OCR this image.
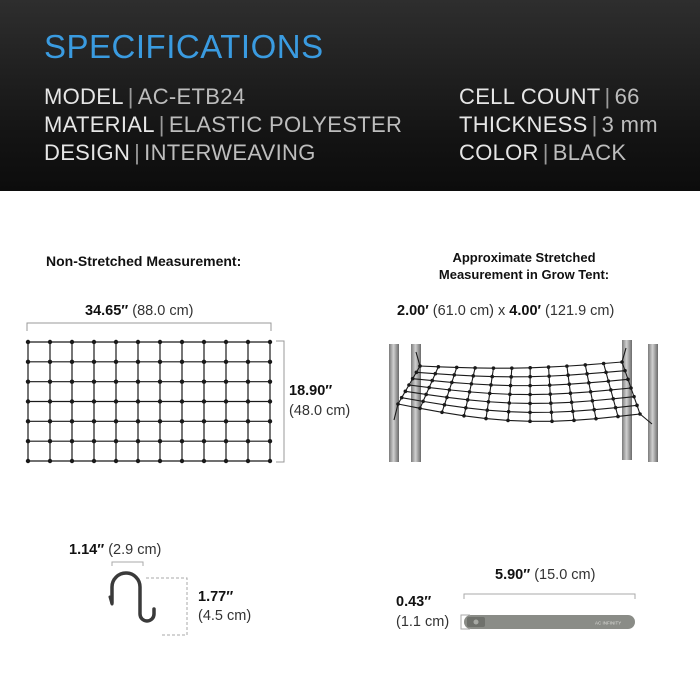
SPECIFICATIONS
MODEL | AC-ETB24
MATERIAL | ELASTIC POLYESTER
DESIGN | INTERWEAVING
CELL COUNT | 66
THICKNESS | 3 mm
COLOR | BLACK
Non-Stretched Measurement:	Approximate Stretched
Measurement in Grow Tent:
34.65″ (88.0 cm)
18.90″
(48.0 cm)
2.00′ (61.0 cm) x 4.00′ (121.9 cm)
1.14″ (2.9 cm)
1.77″
(4.5 cm)
5.90″ (15.0 cm)
0.43″
(1.1 cm)	AC INFINITY
